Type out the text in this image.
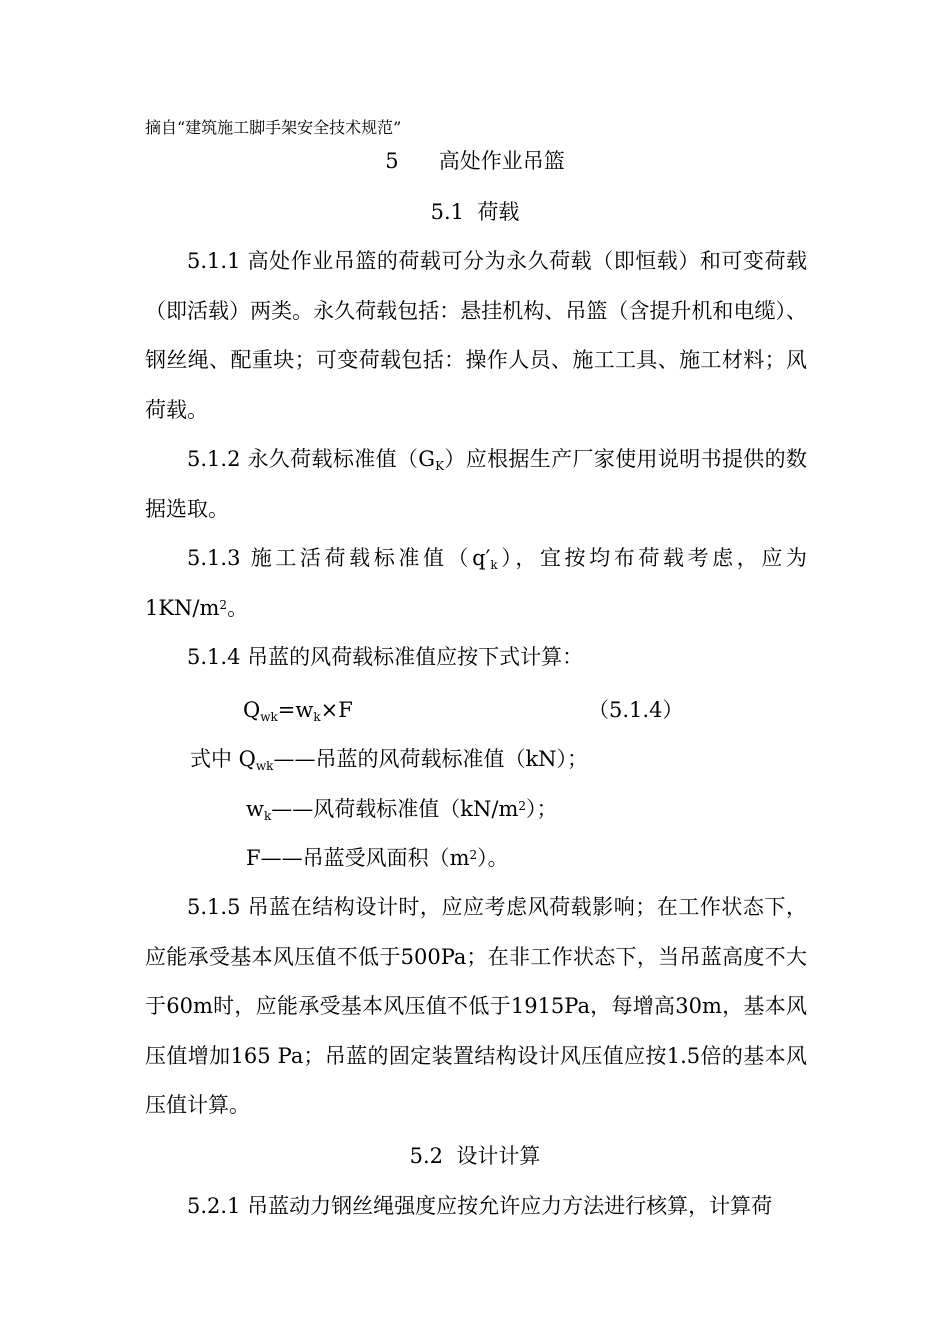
摘自“建筑施工脚手架安全技术规范”
5 高处作业吊篮
5.1  荷载
5.1.1 高处作业吊篮的荷载可分为永久荷载（即恒载）和可变荷载（即活载）两类。永久荷载包括：悬挂机构、吊篮（含提升机和电缆）、钢丝绳、配重块；可变荷载包括：操作人员、施工工具、施工材料；风荷载。
5.1.2 永久荷载标准值$(G_K)$应根据生产厂家使用说明书提供的数据选取。
5.1.3 施工活荷载标准值$(q'_k)$，宜按均布荷载考虑，应为$1KN/m^2$。
5.1.4 吊蓝的风荷载标准值应按下式计算：
$Q_{wk}=w_k\times F$	（5.1.4）
式中 $Q_{wk}——$吊蓝的风荷载标准值（kN）；
$w_k——$风荷载标准值$(kN/m^2)$；
F——吊蓝受风面积$(m^2)$。
5.1.5 吊蓝在结构设计时，应应考虑风荷载影响；在工作状态下，应能承受基本风压值不低于500Pa；在非工作状态下，当吊蓝高度不大于60m时，应能承受基本风压值不低于1915Pa，每增高30m，基本风压值增加165 Pa；吊蓝的固定装置结构设计风压值应按1.5倍的基本风压值计算。
5.2  设计计算
5.2.1 吊蓝动力钢丝绳强度应按允许应力方法进行核算，计算荷
